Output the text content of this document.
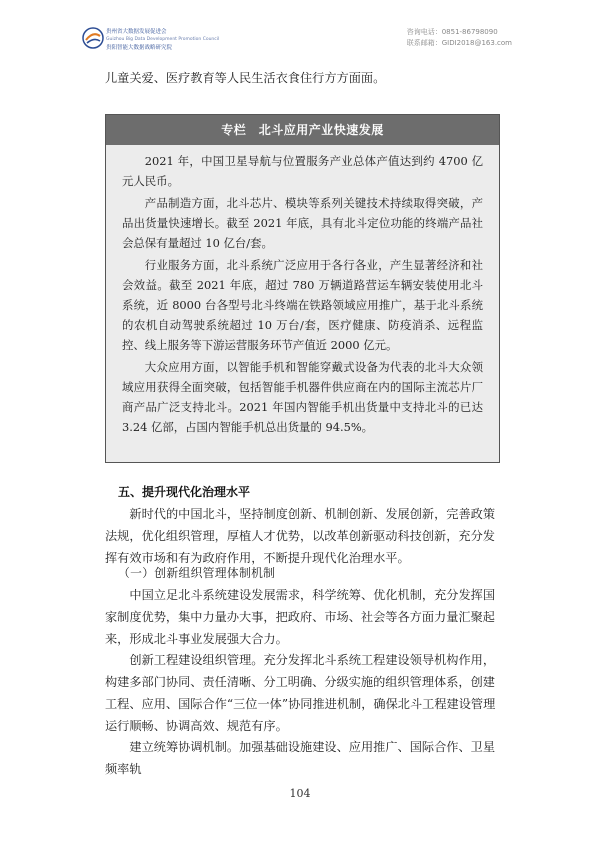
贵州省大数据发展促进会
Guizhou Big Data Development Promotion Council
贵阳智能大数据战略研究院
咨询电话：0851-86798090
联系邮箱：GIDI2018@163.com

儿童关爱、医疗教育等人民生活衣食住行方方面面。

专栏　北斗应用产业快速发展

2021 年，中国卫星导航与位置服务产业总体产值达到约 4700 亿元人民币。

产品制造方面，北斗芯片、模块等系列关键技术持续取得突破，产品出货量快速增长。截至 2021 年底，具有北斗定位功能的终端产品社会总保有量超过 10 亿台/套。

行业服务方面，北斗系统广泛应用于各行各业，产生显著经济和社会效益。截至 2021 年底，超过 780 万辆道路营运车辆安装使用北斗系统，近 8000 台各型号北斗终端在铁路领域应用推广，基于北斗系统的农机自动驾驶系统超过 10 万台/套，医疗健康、防疫消杀、远程监控、线上服务等下游运营服务环节产值近 2000 亿元。

大众应用方面，以智能手机和智能穿戴式设备为代表的北斗大众领域应用获得全面突破，包括智能手机器件供应商在内的国际主流芯片厂商产品广泛支持北斗。2021 年国内智能手机出货量中支持北斗的已达 3.24 亿部，占国内智能手机总出货量的 94.5%。

五、提升现代化治理水平

新时代的中国北斗，坚持制度创新、机制创新、发展创新，完善政策法规，优化组织管理，厚植人才优势，以改革创新驱动科技创新，充分发挥有效市场和有为政府作用，不断提升现代化治理水平。

（一）创新组织管理体制机制

中国立足北斗系统建设发展需求，科学统筹、优化机制，充分发挥国家制度优势，集中力量办大事，把政府、市场、社会等各方面力量汇聚起来，形成北斗事业发展强大合力。

创新工程建设组织管理。充分发挥北斗系统工程建设领导机构作用，构建多部门协同、责任清晰、分工明确、分级实施的组织管理体系，创建工程、应用、国际合作“三位一体”协同推进机制，确保北斗工程建设管理运行顺畅、协调高效、规范有序。

建立统筹协调机制。加强基础设施建设、应用推广、国际合作、卫星频率轨

104
